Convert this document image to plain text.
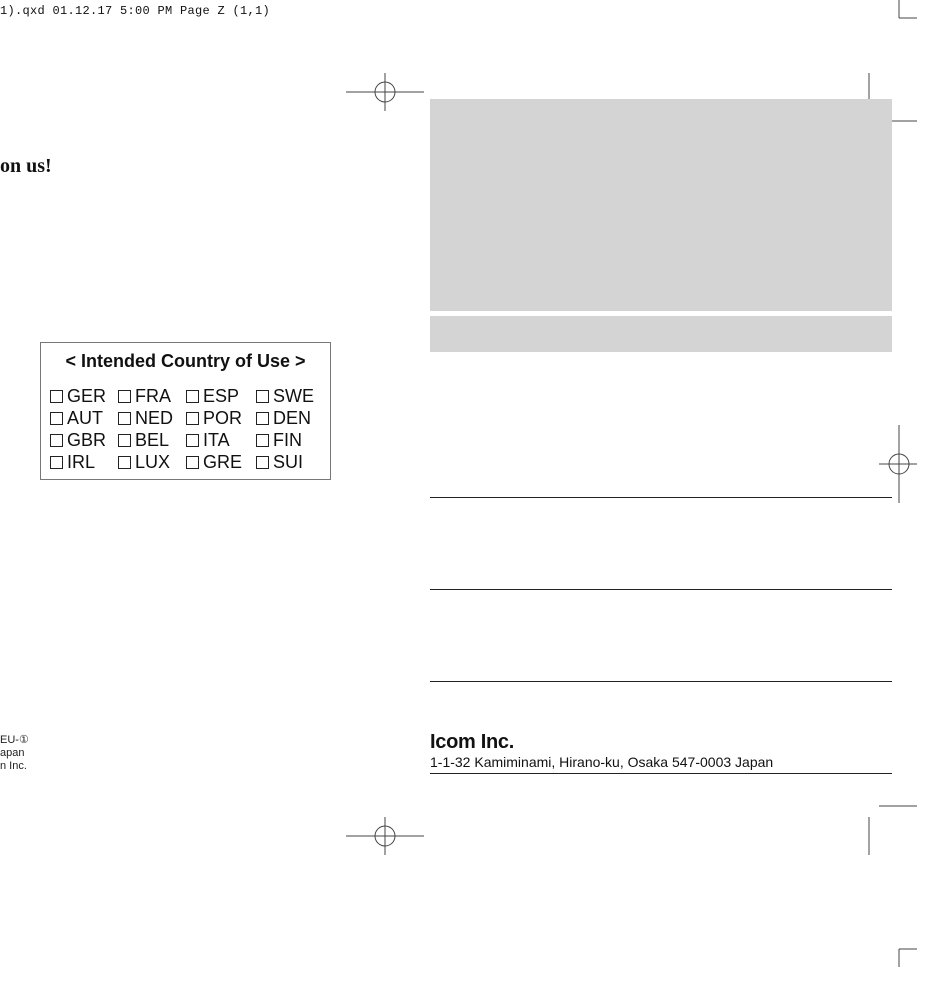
1).qxd 01.12.17 5:00 PM Page Z (1,1)
on us!
< Intended Country of Use >
GER FRA ESP SWE
AUT NED POR DEN
GBR BEL ITA FIN
IRL LUX GRE SUI
EU-①
apan
n Inc.
Icom Inc.
1-1-32 Kamiminami, Hirano-ku, Osaka 547-0003 Japan
